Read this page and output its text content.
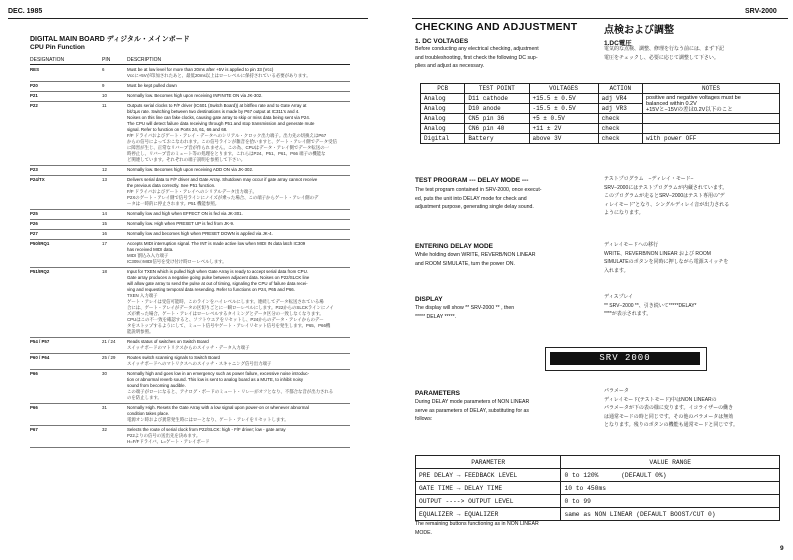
DEC. 1985	SRV-2000
DIGITAL MAIN BOARD ディジタル・メインボード
CPU Pin Function
DESIGNATION	PIN	DESCRIPTION
RES	6	Must be at low level for more than 20ms after +5V is applied to pin 33 (Vcc)
Vccに+5Vが印加されたあと、最低20ms以上はローレベルに保持されている必要があります。
P20	9	Must be kept pulled down
P21	10	Normally low. Becomes high upon receiving INFINITE ON via JK-302.
P22	11	Outputs serial clocks to F/F driver (IC601 (Switch Board)) at bit/flex rate and to Gate Array at
bit/1µs rate. Switching between two destinations is made by P67 output at IC311's and 4.
Noises on this line can fake clocks, causing gate array to skip or miss data being sent via P24.
The CPU will detect failure data receiving through P51 and stop transmission and generate mute
signal. Refer to function on Ports 24, 61, 66 and 68.
F/F ドライバおよびゲート・アレイ・データへのシリアル・クロック出力端子。出力先の切換えはP67
からの信号によっておこなわれます。この信号ラインが雑音を拾いますと、ゲート・アレイ側でデータ受信
に障害が生じ、正常なリバーブ音が作られません。この為、CPUはデータ・アレイ側でデータ転送の一
時停止し、リバーブ音のミュート等の処理をとります。これらはP24、P51、P61、P66 端子の機能な
ど関連しています。それぞれの端子説明を参照して下さい。
P23	12	Normally low. Becomes high upon receiving ADD ON via JK-302.
P24/TX	13	Delivers serial data to F/F driver and Gate Array. Shutdown may occur if gate array cannot receive
the previous data correctly. See P51 function.
F/F ドライバおよびゲート・アレイへのシリアルデータ出力端子。
P2Xのゲート・アレイ側で信号ラインにノイズが乗った場合、この端子からゲート・アレイ側のデ
ータは一時的に停止されます。P51 機能参照。
P25	14	Normally low and high when EFFECT ON is fed via JK-301.
P26	15	Normally low. High when PRESET UP is fed from JK-9.
P27	16	Normally low and becomes high when PRESET DOWN is applied via JK-4.
P50/IRQ1	17	Accepts MIDI interruption signal. The INT is made active low when MIDI IN data latch IC309
has received MIDI data.
MIDI 割込み入力端子
IC309のMIDI信号を受け付け時ローレベルします。
P51/IRQ2	18	Input for TXEN which is pulled high when Gate Array is ready to accept serial data from CPU.
Gate array produces a negative going pulse between adjacent data. Noises on P22/SLCK line
will allow gate array to send the pulse at out of timing, signaling the CPU of failure data recei-
ving and requesting temporal data resending. Refer to functions on P24, P65 and P66.
TXEN 入力端子
ゲート・アレイは受信可能時、このラインをハイレベルにします。連続してデータ転送されている場
合には、ゲート・アレイがデータの区切りごとに一瞬ローレベルにします。P22からのSLCKラインにノイ
ズが乗った場合、ゲート・アレイはローレベルするタイミングとデータ区分の一致しなくなります。
CPUはこの不一致を確認すると、ソフトウエアをリセットし、P24からのデータ・アレイからのデー
タをストップするようにして、ミュート信号やゲート・アレイリセット信号を発生します。P65、P66機
能説明参照。
P54 / P57	21 / 24	Reads status of switches on Switch Board
スイッチボードのマトリクスからのスイッチ・データ入力端子
P60 / P64	25 / 29	Routes switch scanning signals to Switch Board
スイッチボードへのマトリクスへのスイッチ・スキャニング信号出力端子
P66	30	Normally high and goes low in an emergency such as power failure, excessive noise introduc-
tion or abnormal reverb sound. This low is sent to analog board as a MUTE, to inhibit noisy
sound from becoming audible.
この端子がローになると、アナログ・ボードのミュート・リレーがオフとなり、不都合な音が出力される
のを防止します。
P66	31	Normally High. Resets the Gate Array with a low signal upon power-on or whenever abnormal
condition takes place.
電源オン時および異常発生時にはローとなり、ゲート・アレイをリセットします。
P67	32	Selects the route of serial clock from P22/SLCK: high - F/F driver; low - gate array
P22よりの信号の送出先を決めます。
H=F/Fドライバ、L=ゲート・アレイボード
CHECKING AND ADJUSTMENT	点検および調整
1. DC VOLTAGES	1.DC電圧
Before conducting any electrical checking, adjustment
and troubleshooting, first check the following DC sup-
plies and adjust as necessary.
電気的な点検、調整、修理を行なう前には、まず下記
電圧をチェックし、必要に応じて調整して下さい。
PCB	TEST POINT	VOLTAGES	ACTION	NOTES
Analog	D11 cathode	+15.5 ± 0.5V	adj VR4	positive and negative voltages must be
balanced within 0.2V
+15Vと−15Vの差は0.2V以下のこと

Analog	D10 anode	-15.5 ± 0.5V	adj VR3	
Analog	CN5 pin 36	+5 ± 0.5V	check	
Analog	CN6 pin 40	+11 ± 2V	check	
Digital	Battery	above 3V	check	with power OFF
TEST PROGRAM --- DELAY MODE ---
The test program contained in SRV-2000, once execut-
ed, puts the unit into DELAY mode for check and
adjustment purpose, generating single delay sound.
テストプログラム　−ディレイ・モード−
SRV−2000にはテストプログラムが内蔵されています。
このプログラムが走るとSRV−2000はテスト専用の“デ
ィレイモード”となり、シングルディレイ音が出力される
ようになります。
ENTERING DELAY MODE
While holding down WRITE, REVERB/NON LINEAR
and ROOM SIMULATE, turn the power ON.
ディレイモードへの移行
WRITE、REVERB/NON LINEAR および ROOM
SIMULATEのボタンを同時に押しながら電源スイッチを
入れます。
DISPLAY
The display will show ** SRV-2000 ** , then
***** DELAY *****.
ディスプレイ
** SRV−2000 **、引き続いて*****DELAY*
****が表示されます。
SRV 2000
PARAMETERS
During DELAY mode parameters of NON LINEAR
serve as parameters of DELAY, substituting for as
follows:
パラメータ
ディレイモード(テストモード)中はNON LINEARの
パラメータが下の表の様に変ります。イコライザーの働き
は通常モードの時と同じです。その他のパラメータは無効
となります。残りのボタンの機能も通常モードと同じです。
PARAMETER	VALUE RANGE
PRE DELAY → FEEDBACK LEVEL	0 to 120% (DEFAULT 0%)
GATE TIME → DELAY TIME	10 to 450ms
OUTPUT ----> OUTPUT LEVEL	0 to 99
EQUALIZER → EQUALIZER	same as NON LINEAR (DEFAULT BOOST/CUT 0)
The remaining buttons functioning as in NON LINEAR
MODE.
9
